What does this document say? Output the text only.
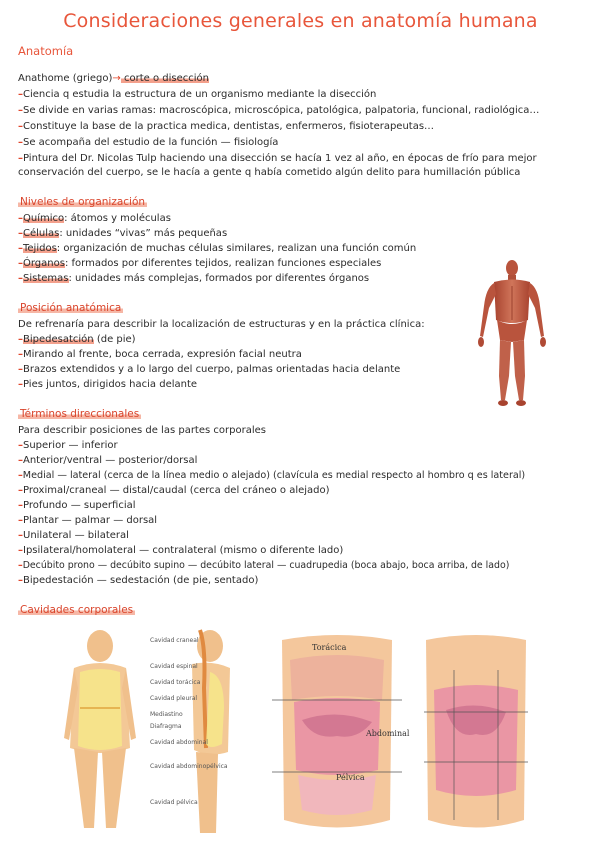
Consideraciones generales en anatomía humana
Anatomía
Anathome (griego)→ corte o disección
–Ciencia q estudia la estructura de un organismo mediante la disección
–Se divide en varias ramas: macroscópica, microscópica, patológica, palpatoria, funcional, radiológica…
–Constituye la base de la practica medica, dentistas, enfermeros, fisioterapeutas…
–Se acompaña del estudio de la función — fisiología
–Pintura del Dr. Nicolas Tulp haciendo una disección se hacía 1 vez al año, en épocas de frío para mejor
conservación del cuerpo, se le hacía a gente q había cometido algún delito para humillación pública
Niveles de organización
–Químico: átomos y moléculas
–Células: unidades “vivas” más pequeñas
–Tejidos: organización de muchas células similares, realizan una función común
–Órganos: formados por diferentes tejidos, realizan funciones especiales
–Sistemas: unidades más complejas, formados por diferentes órganos
Posición anatómica
De refrenaría para describir la localización de estructuras y en la práctica clínica:
–Bipedesatción (de pie)
–Mirando al frente, boca cerrada, expresión facial neutra
–Brazos extendidos y a lo largo del cuerpo, palmas orientadas hacia delante
–Pies juntos, dirigidos hacia delante
Términos direccionales
Para describir posiciones de las partes corporales
–Superior — inferior
–Anterior/ventral — posterior/dorsal
–Medial — lateral (cerca de la línea medio o alejado) (clavícula es medial respecto al hombro q es lateral)
–Proximal/craneal — distal/caudal (cerca del cráneo o alejado)
–Profundo — superficial
–Plantar — palmar — dorsal
–Unilateral — bilateral
–Ipsilateral/homolateral — contralateral (mismo o diferente lado)
–Decúbito prono — decúbito supino — decúbito lateral — cuadrupedia (boca abajo, boca arriba, de lado)
–Bipedestación — sedestación (de pie, sentado)
Cavidades corporales
Cavidad craneal
Cavidad espinal
Cavidad torácica
Cavidad pleural
Mediastino
Diafragma
Cavidad abdominal
Cavidad abdominopélvica
Cavidad pélvica
Torácica
Abdominal
Pélvica
